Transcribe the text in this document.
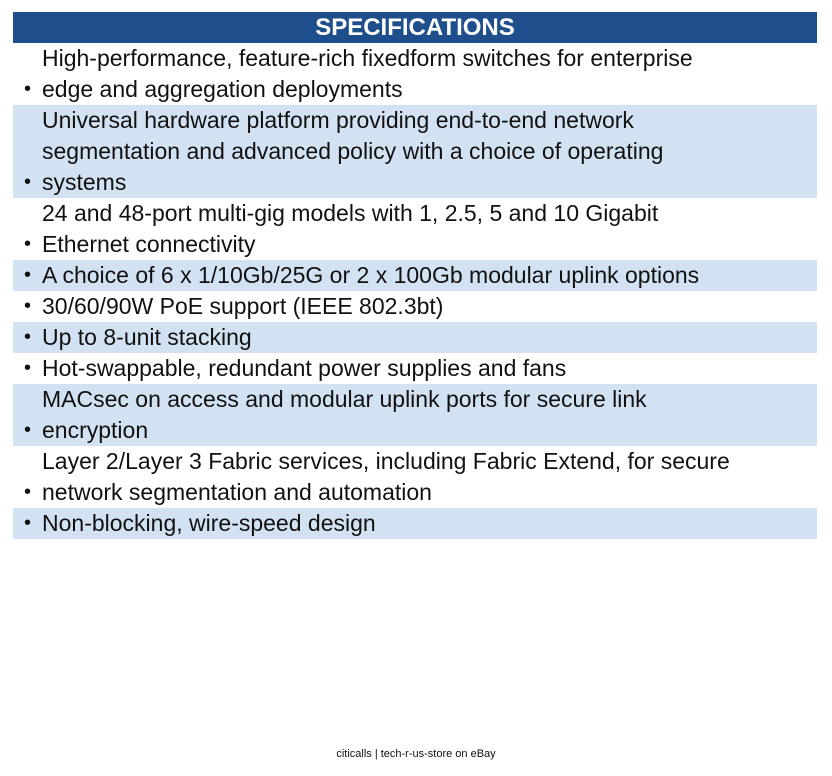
SPECIFICATIONS
•
High-performance, feature-rich fixedform switches for enterprise
edge and aggregation deployments
•
Universal hardware platform providing end-to-end network
segmentation and advanced policy with a choice of operating
systems
•
24 and 48-port multi-gig models with 1, 2.5, 5 and 10 Gigabit
Ethernet connectivity
• A choice of 6 x 1/10Gb/25G or 2 x 100Gb modular uplink options
• 30/60/90W PoE support (IEEE 802.3bt)
• Up to 8-unit stacking
• Hot-swappable, redundant power supplies and fans
•
MACsec on access and modular uplink ports for secure link
encryption
•
Layer 2/Layer 3 Fabric services, including Fabric Extend, for secure
network segmentation and automation
• Non-blocking, wire-speed design
citicalls | tech-r-us-store on eBay
